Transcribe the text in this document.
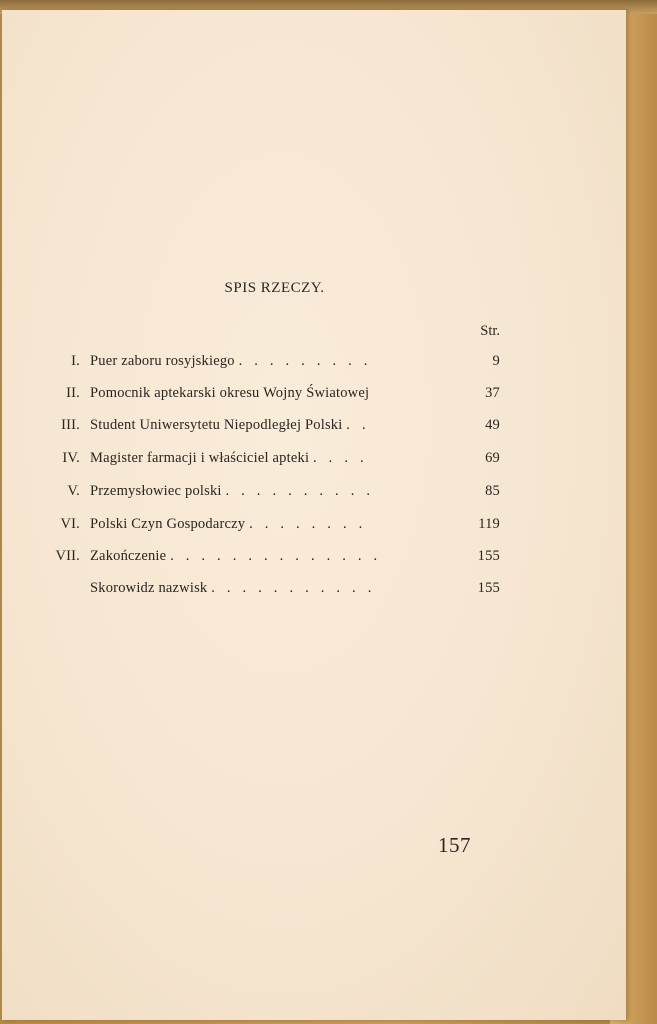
SPIS RZECZY.
Str.
I. Puer zaboru rosyjskiego . . . . . . . . .	9
II. Pomocnik aptekarski okresu Wojny Światowej	37
III. Student Uniwersytetu Niepodległej Polski . .	49
IV. Magister farmacji i właściciel apteki . . . .	69
V. Przemysłowiec polski . . . . . . . . . .	85
VI. Polski Czyn Gospodarczy . . . . . . . .	119
VII. Zakończenie . . . . . . . . . . . . . .	155
Skorowidz nazwisk . . . . . . . . . . .	155
157
